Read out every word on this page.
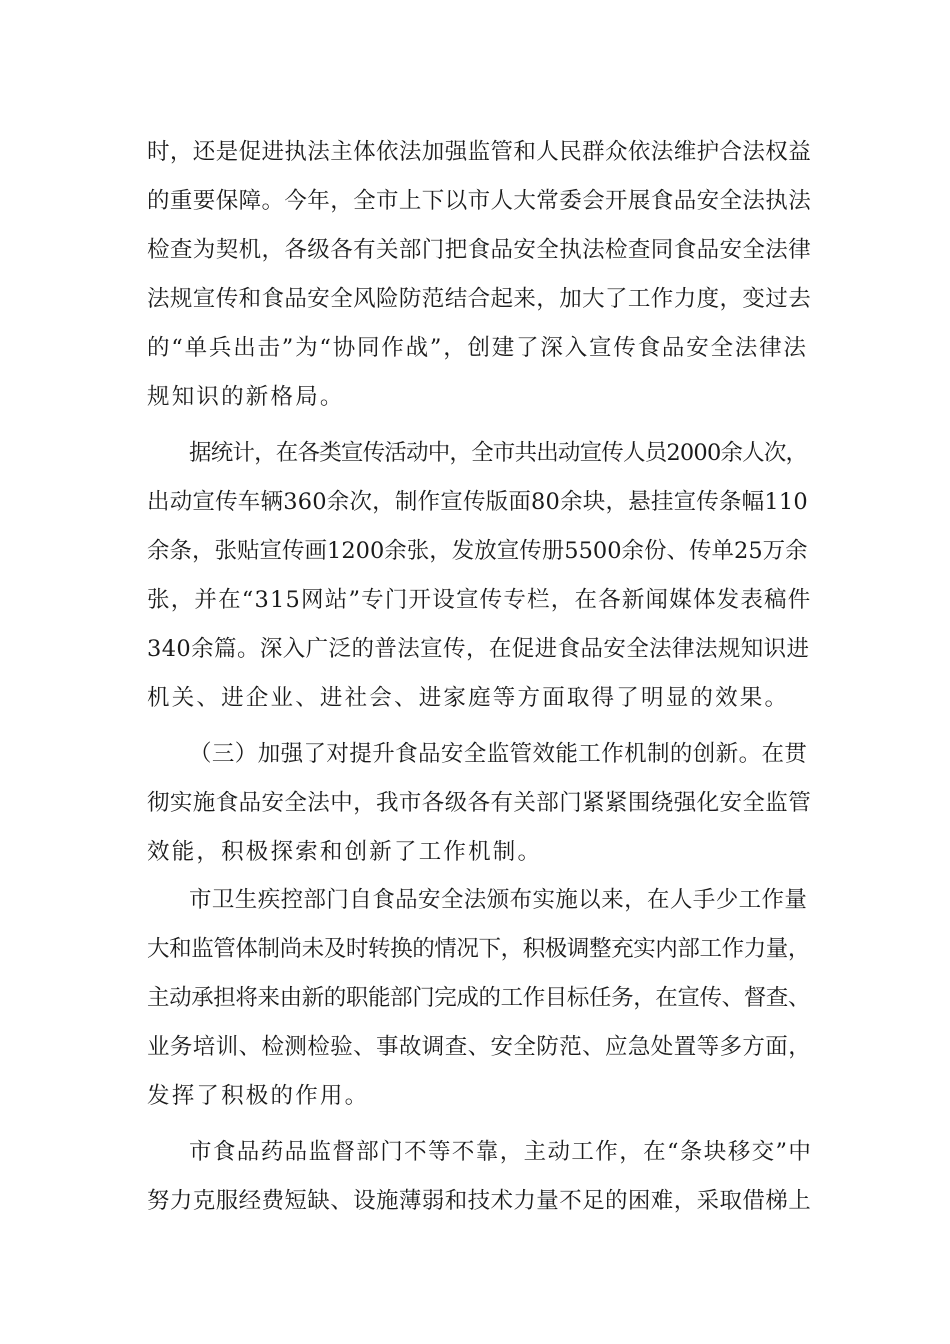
时，还是促进执法主体依法加强监管和人民群众依法维护合法权益
的重要保障。今年，全市上下以市人大常委会开展食品安全法执法
检查为契机，各级各有关部门把食品安全执法检查同食品安全法律
法规宣传和食品安全风险防范结合起来，加大了工作力度，变过去
的“单兵出击”为“协同作战”，创建了深入宣传食品安全法律法
规知识的新格局。
据统计，在各类宣传活动中，全市共出动宣传人员2000余人次，
出动宣传车辆360余次，制作宣传版面80余块，悬挂宣传条幅110
余条，张贴宣传画1200余张，发放宣传册5500余份、传单25万余
张，并在“315网站”专门开设宣传专栏，在各新闻媒体发表稿件
340余篇。深入广泛的普法宣传，在促进食品安全法律法规知识进
机关、进企业、进社会、进家庭等方面取得了明显的效果。
（三）加强了对提升食品安全监管效能工作机制的创新。在贯
彻实施食品安全法中，我市各级各有关部门紧紧围绕强化安全监管
效能，积极探索和创新了工作机制。
市卫生疾控部门自食品安全法颁布实施以来，在人手少工作量
大和监管体制尚未及时转换的情况下，积极调整充实内部工作力量，
主动承担将来由新的职能部门完成的工作目标任务，在宣传、督查、
业务培训、检测检验、事故调查、安全防范、应急处置等多方面，
发挥了积极的作用。
市食品药品监督部门不等不靠，主动工作，在“条块移交”中
努力克服经费短缺、设施薄弱和技术力量不足的困难，采取借梯上
